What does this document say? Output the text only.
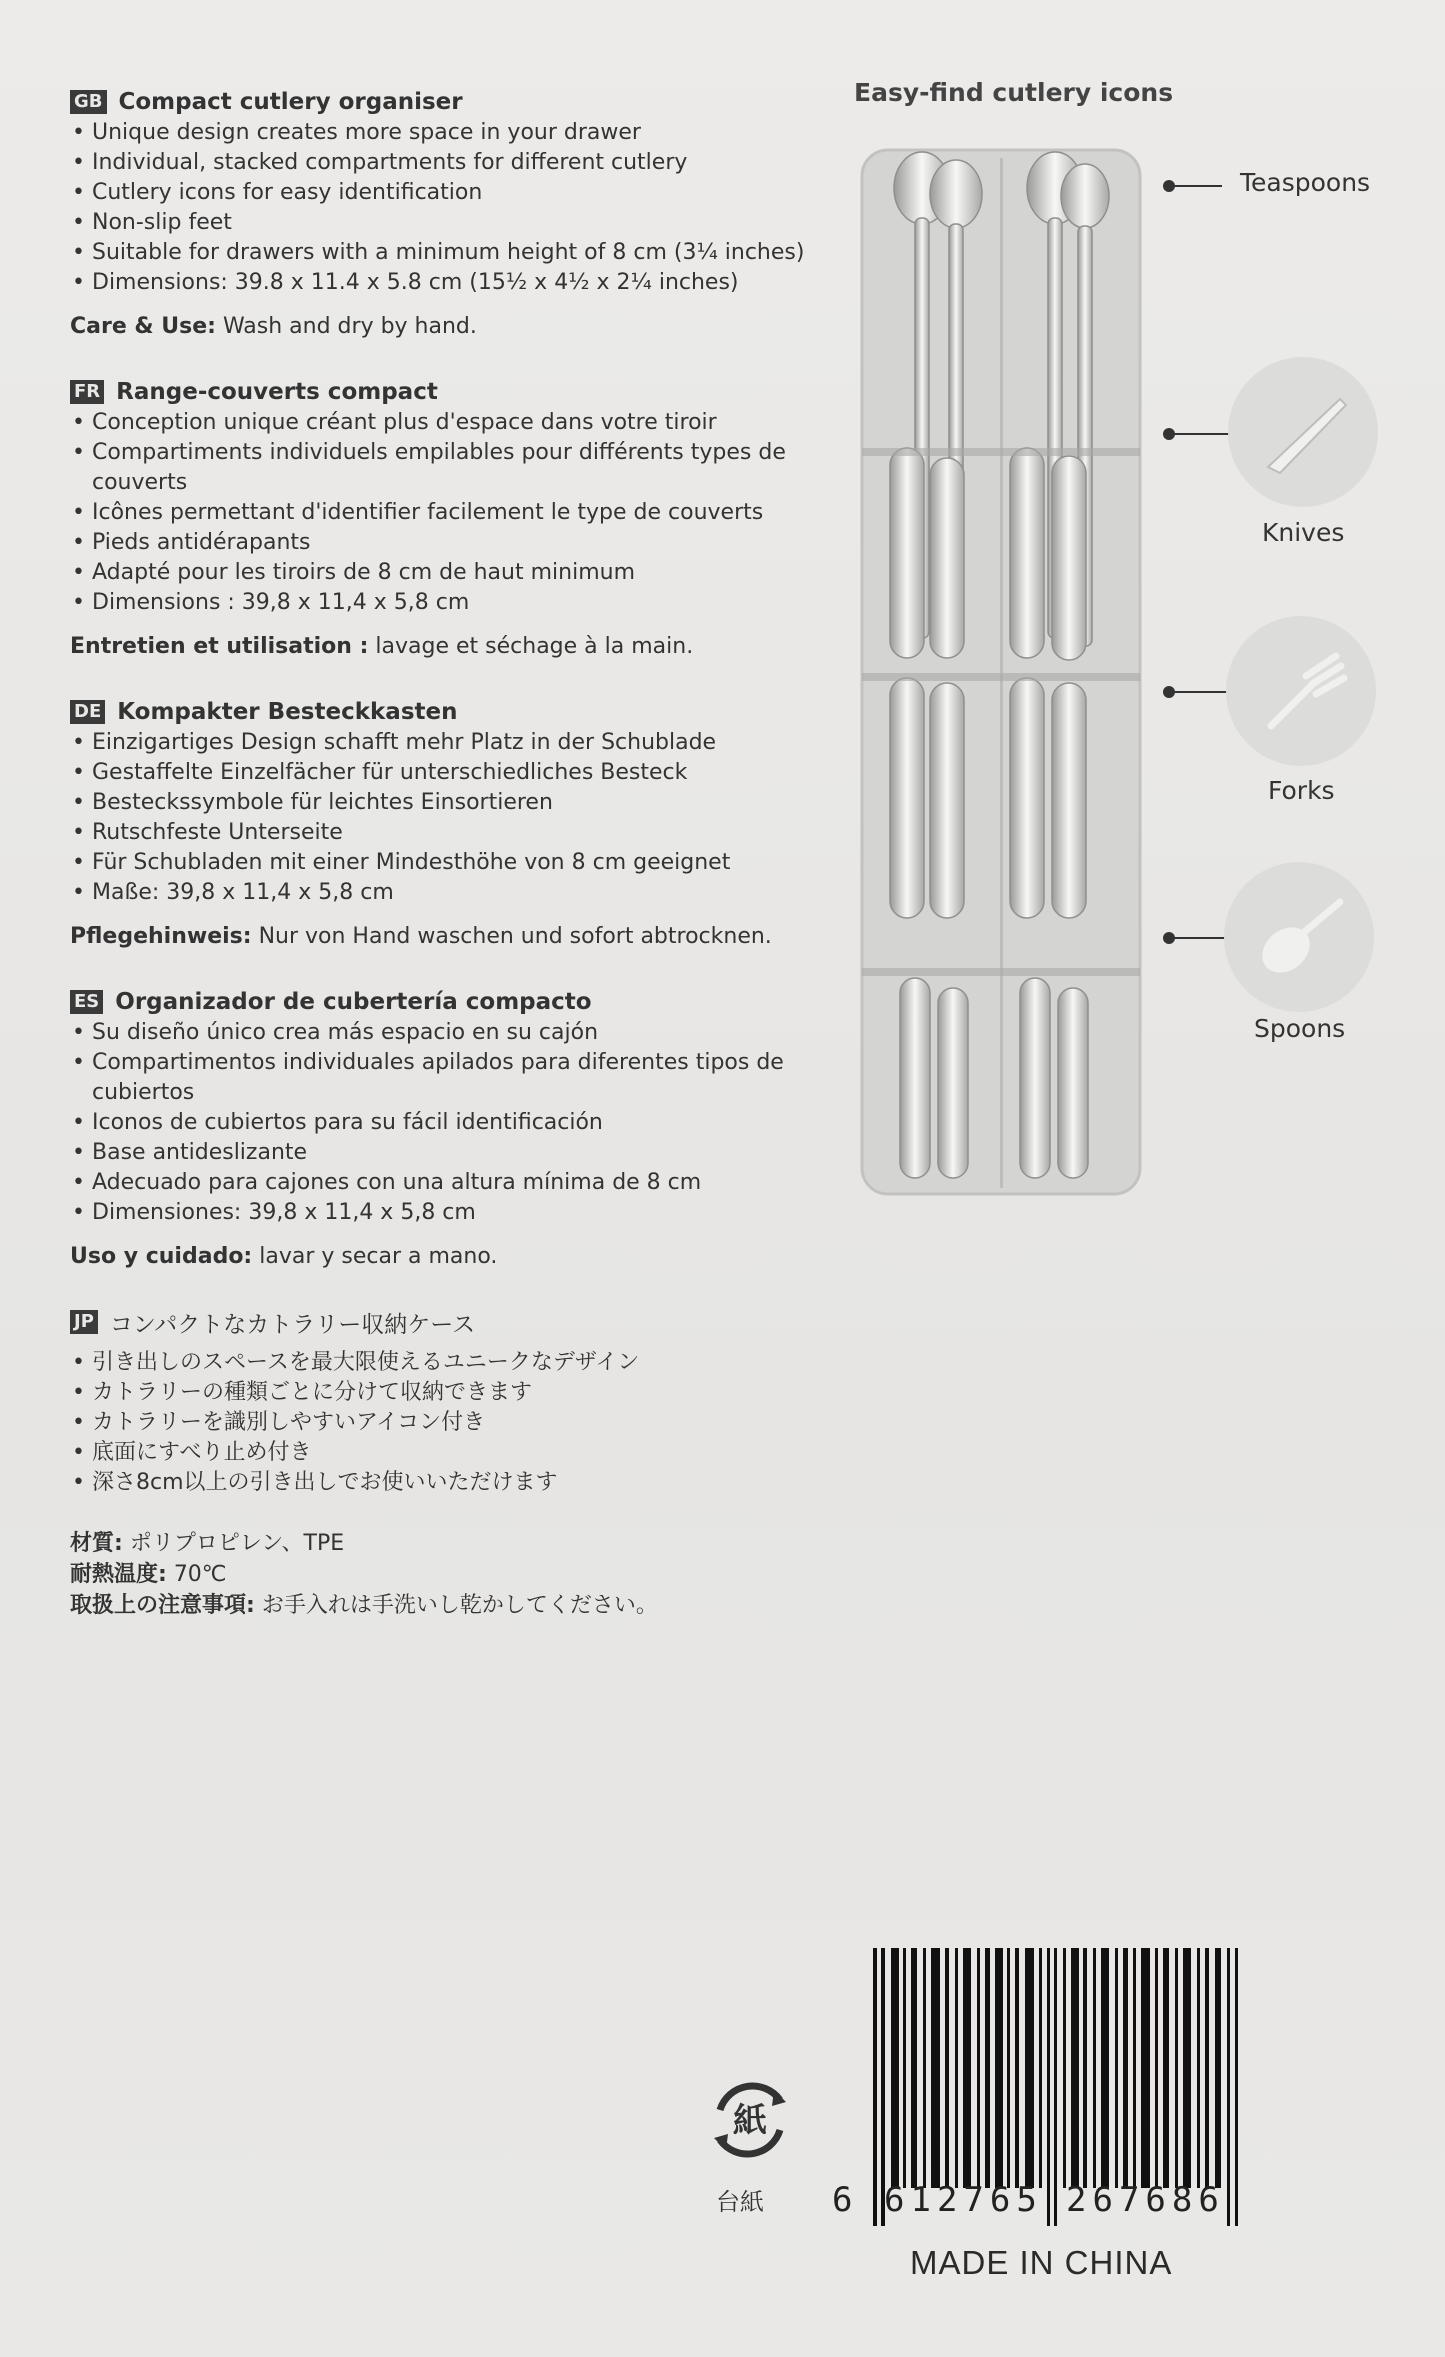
GB Compact cutlery organiser
• Unique design creates more space in your drawer
• Individual, stacked compartments for different cutlery
• Cutlery icons for easy identification
• Non-slip feet
• Suitable for drawers with a minimum height of 8 cm (3¼ inches)
• Dimensions: 39.8 x 11.4 x 5.8 cm (15½ x 4½ x 2¼ inches)
Care & Use: Wash and dry by hand.
FR Range-couverts compact
• Conception unique créant plus d'espace dans votre tiroir
• Compartiments individuels empilables pour différents types de couverts
• Icônes permettant d'identifier facilement le type de couverts
• Pieds antidérapants
• Adapté pour les tiroirs de 8 cm de haut minimum
• Dimensions : 39,8 x 11,4 x 5,8 cm
Entretien et utilisation : lavage et séchage à la main.
DE Kompakter Besteckkasten
• Einzigartiges Design schafft mehr Platz in der Schublade
• Gestaffelte Einzelfächer für unterschiedliches Besteck
• Besteckssymbole für leichtes Einsortieren
• Rutschfeste Unterseite
• Für Schubladen mit einer Mindesthöhe von 8 cm geeignet
• Maße: 39,8 x 11,4 x 5,8 cm
Pflegehinweis: Nur von Hand waschen und sofort abtrocknen.
ES Organizador de cubertería compacto
• Su diseño único crea más espacio en su cajón
• Compartimentos individuales apilados para diferentes tipos de cubiertos
• Iconos de cubiertos para su fácil identificación
• Base antideslizante
• Adecuado para cajones con una altura mínima de 8 cm
• Dimensiones: 39,8 x 11,4 x 5,8 cm
Uso y cuidado: lavar y secar a mano.
JP コンパクトなカトラリー収納ケース
• 引き出しのスペースを最大限使えるユニークなデザイン
• カトラリーの種類ごとに分けて収納できます
• カトラリーを識別しやすいアイコン付き
• 底面にすべり止め付き
• 深さ8cm以上の引き出しでお使いいただけます
材質: ポリプロピレン、TPE
耐熱温度: 70℃
取扱上の注意事項: お手入れは手洗いし乾かしてください。
Easy-find cutlery icons
Teaspoons
Knives
Forks
Spoons
紙
台紙 6 612765 267686
MADE IN CHINA
